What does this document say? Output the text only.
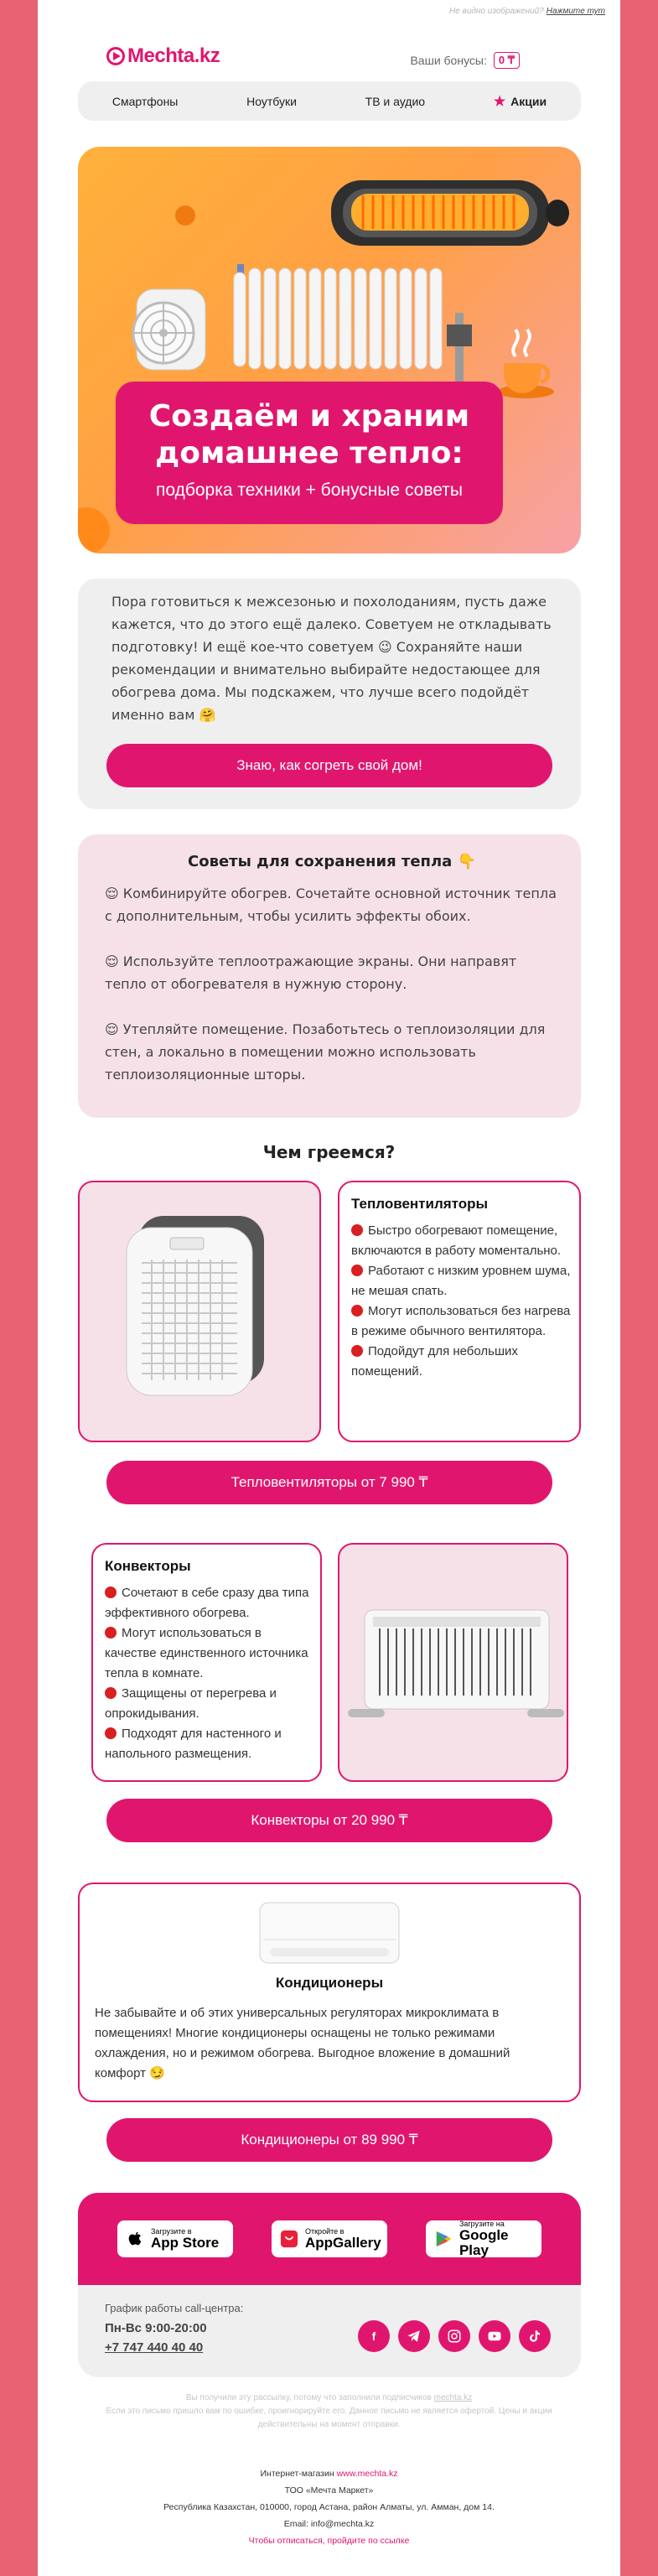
Не видно изображений? Нажмите тут
Mechta.kz	Ваши бонусы:	0 ₸
Смартфоны	Ноутбуки	ТВ и аудио	★ Акции
Создаём и храним
домашнее тепло:
подборка техники + бонусные советы

Пора готовиться к межсезонью и похолоданиям, пусть даже кажется, что до этого ещё далеко. Советуем не откладывать подготовку! И ещё кое-что советуем 😉 Сохраняйте наши рекомендации и внимательно выбирайте недостающее для обогрева дома. Мы подскажем, что лучше всего подойдёт именно вам 🤗

Знаю, как согреть свой дом!
Советы для сохранения тепла 👇

😌 Комбинируйте обогрев. Сочетайте основной источник тепла с дополнительным, чтобы усилить эффекты обоих.

😌 Используйте теплоотражающие экраны. Они направят тепло от обогревателя в нужную сторону.

😌 Утепляйте помещение. Позаботьтесь о теплоизоляции для стен, а локально в помещении можно использовать теплоизоляционные шторы.

Чем греемся?
Тепловентиляторы
Быстро обогревают помещение, включаются в работу моментально.
Работают с низким уровнем шума, не мешая спать.
Могут использоваться без нагрева в режиме обычного вентилятора.
Подойдут для небольших помещений.
Тепловентиляторы от 7 990 ₸
Конвекторы
Сочетают в себе сразу два типа эффективного обогрева.
Могут использоваться в качестве единственного источника тепла в комнате.
Защищены от перегрева и опрокидывания.
Подходят для настенного и напольного размещения.
Конвекторы от 20 990 ₸
Кондиционеры

Не забывайте и об этих универсальных регуляторах микроклимата в помещениях! Многие кондиционеры оснащены не только режимами охлаждения, но и режимом обогрева. Выгодное вложение в домашний комфорт 😏

Кондиционеры от 89 990 ₸
Загрузите в
App Store
Откройте в
AppGallery
Загрузите на
Google Play
График работы call-центра:
Пн-Вс 9:00-20:00
+7 747 440 40 40
f
Вы получили эту рассылку, потому что заполнили подписчиков mechta.kz
Если это письмо пришло вам по ошибке, проигнорируйте его. Данное письмо не является офертой. Цены и акции действительны на момент отправки.
Интернет-магазин www.mechta.kz
ТОО «Мечта Маркет»
Республика Казахстан, 010000, город Астана, район Алматы, ул. Амман, дом 14.
Email: info@mechta.kz
Чтобы отписаться, пройдите по ссылке
